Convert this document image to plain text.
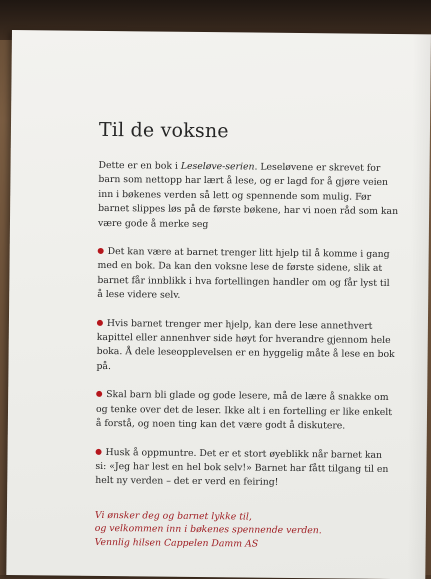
Til de voksne

Dette er en bok i Leseløve-serien. Leseløvene er skrevet for barn som nettopp har lært å lese, og er lagd for å gjøre veien inn i bøkenes verden så lett og spennende som mulig. Før barnet slippes løs på de første bøkene, har vi noen råd som kan være gode å merke seg

Det kan være at barnet trenger litt hjelp til å komme i gang med en bok. Da kan den voksne lese de første sidene, slik at barnet får innblikk i hva fortellingen handler om og får lyst til å lese videre selv.

Hvis barnet trenger mer hjelp, kan dere lese annethvert kapittel eller annenhver side høyt for hverandre gjennom hele boka. Å dele leseopplevelsen er en hyggelig måte å lese en bok på.

Skal barn bli glade og gode lesere, må de lære å snakke om og tenke over det de leser. Ikke alt i en fortelling er like enkelt å forstå, og noen ting kan det være godt å diskutere.

Husk å oppmuntre. Det er et stort øyeblikk når barnet kan si: «Jeg har lest en hel bok selv!» Barnet har fått tilgang til en helt ny verden – det er verd en feiring!

Vi ønsker deg og barnet lykke til,
og velkommen inn i bøkenes spennende verden.
Vennlig hilsen Cappelen Damm AS
